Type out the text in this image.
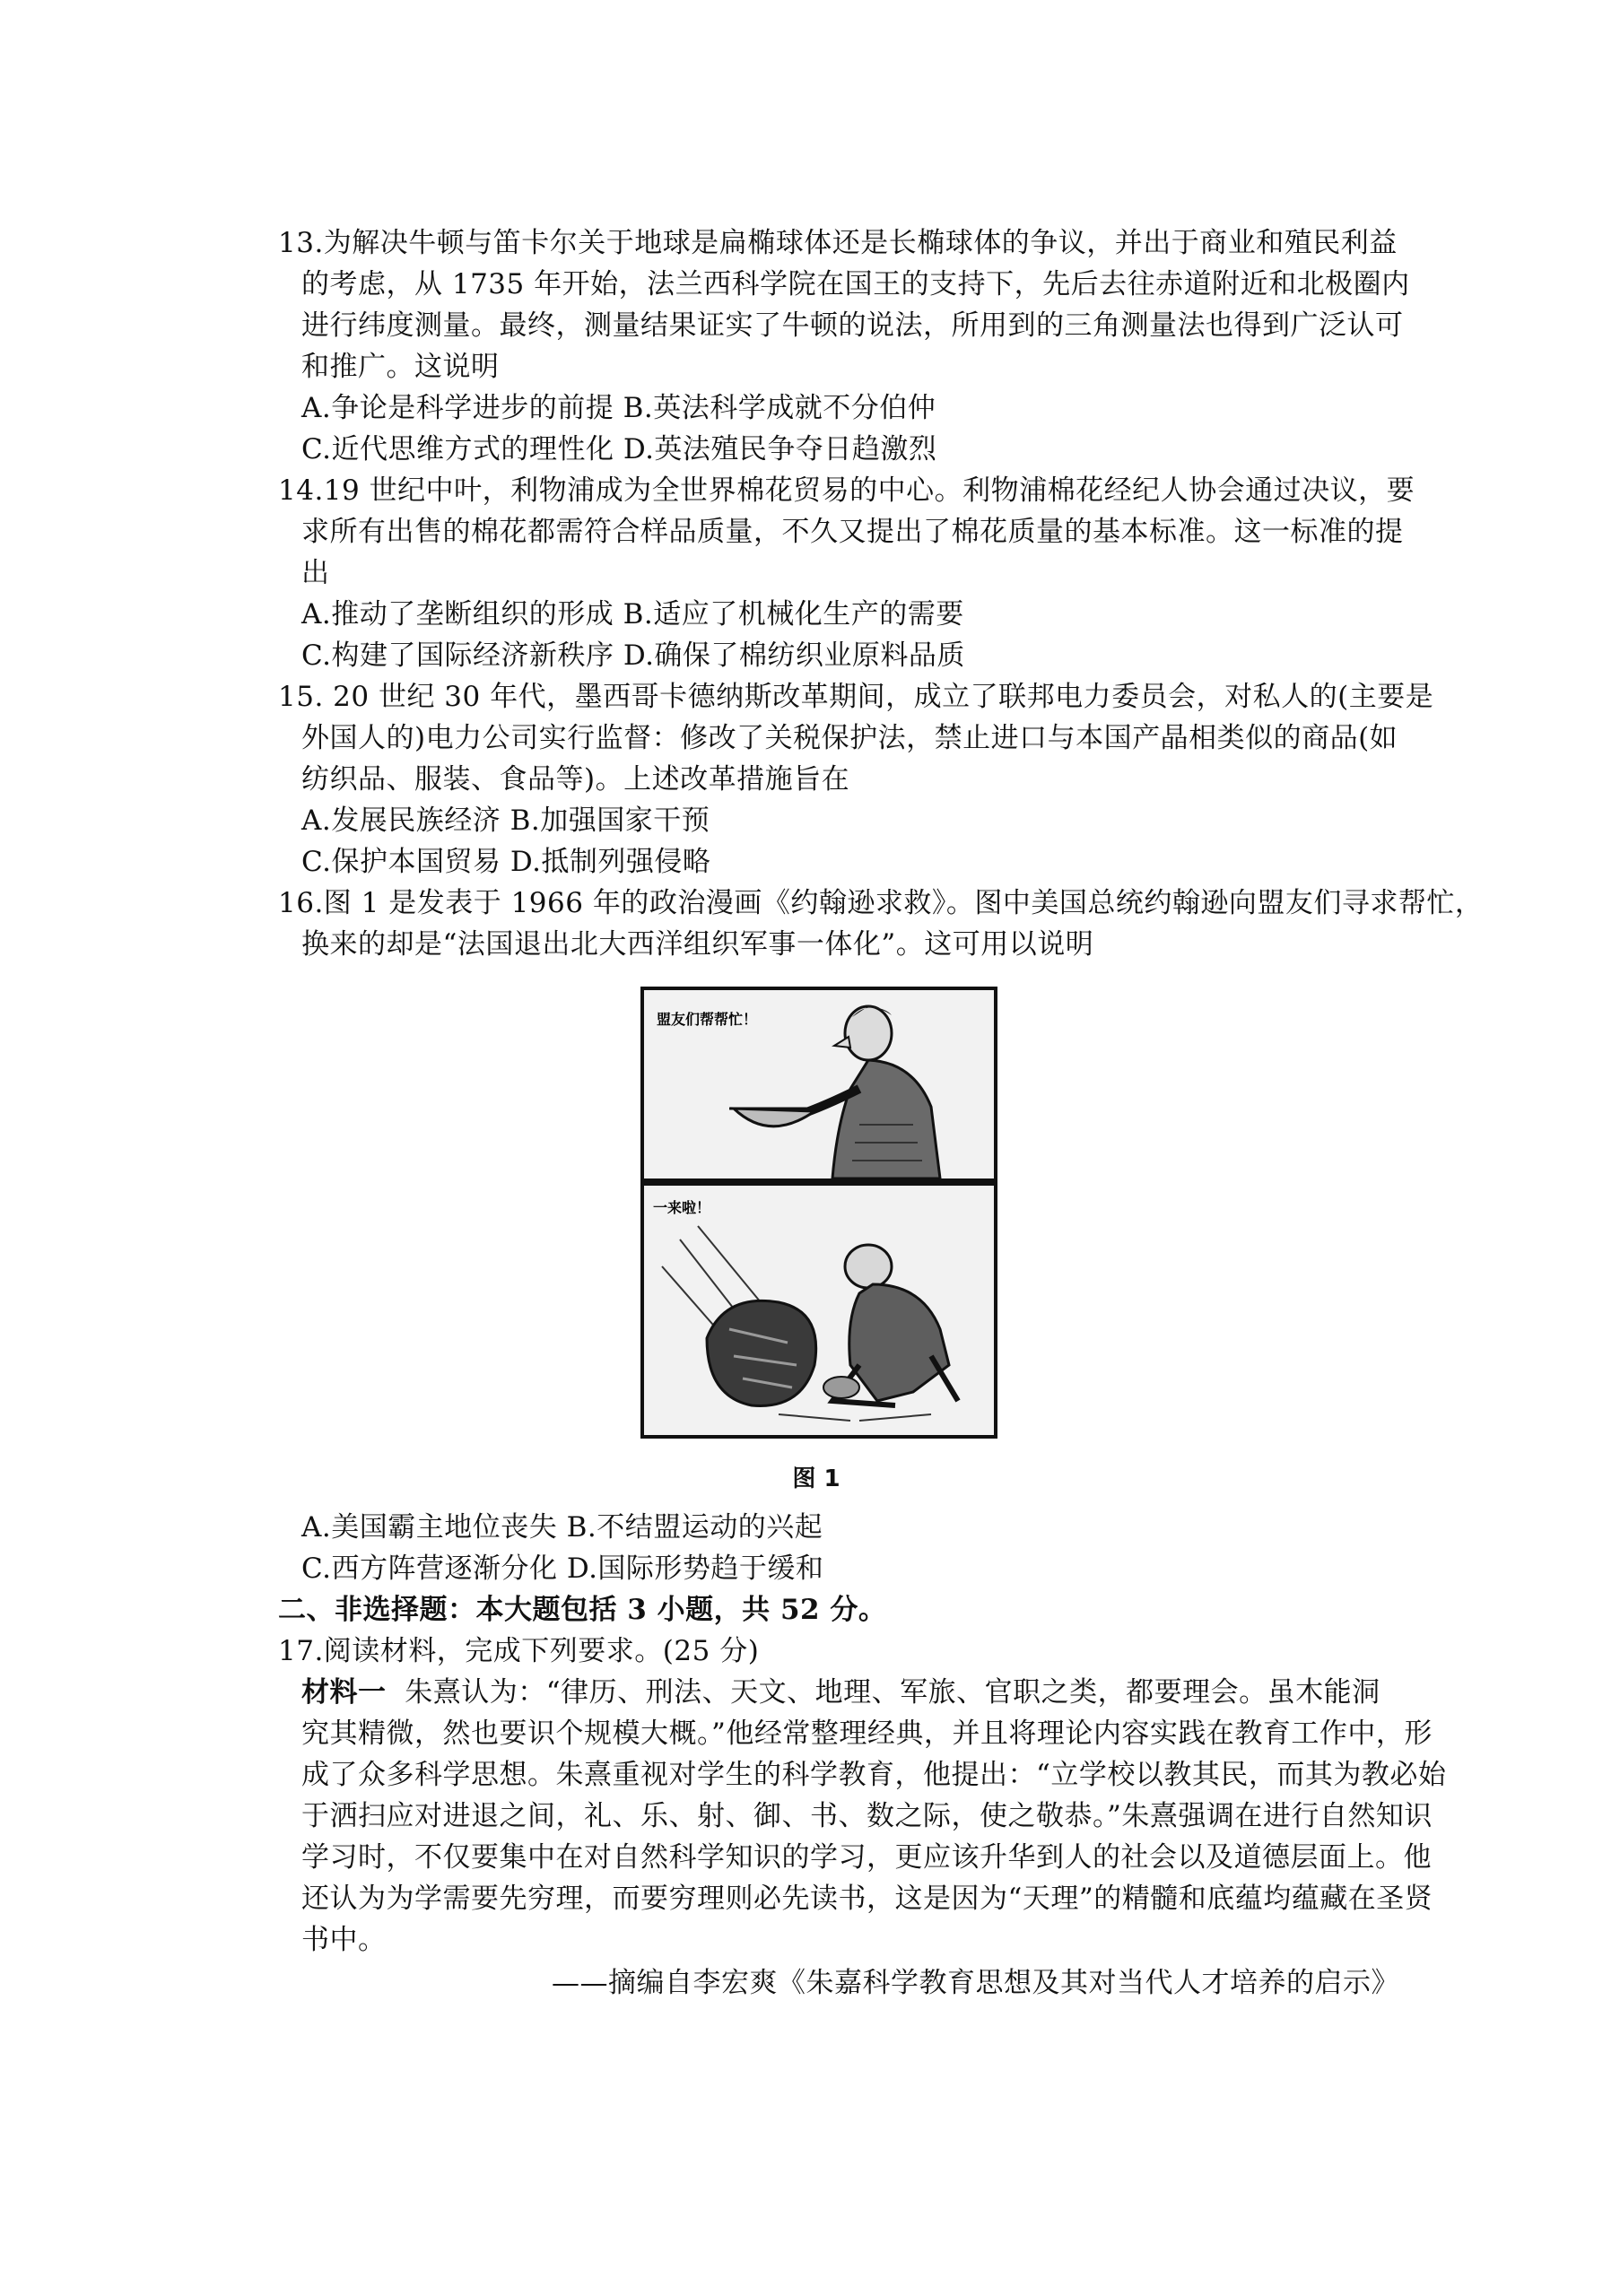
13.为解决牛顿与笛卡尔关于地球是扁椭球体还是长椭球体的争议，并出于商业和殖民利益
的考虑，从 1735 年开始，法兰西科学院在国王的支持下，先后去往赤道附近和北极圈内
进行纬度测量。最终，测量结果证实了牛顿的说法，所用到的三角测量法也得到广泛认可
和推广。这说明
A.争论是科学进步的前提 B.英法科学成就不分伯仲
C.近代思维方式的理性化 D.英法殖民争夺日趋激烈
14.19 世纪中叶，利物浦成为全世界棉花贸易的中心。利物浦棉花经纪人协会通过决议，要
求所有出售的棉花都需符合样品质量，不久又提出了棉花质量的基本标准。这一标准的提
出
A.推动了垄断组织的形成 B.适应了机械化生产的需要
C.构建了国际经济新秩序 D.确保了棉纺织业原料品质
15. 20 世纪 30 年代，墨西哥卡德纳斯改革期间，成立了联邦电力委员会，对私人的(主要是
外国人的)电力公司实行监督：修改了关税保护法，禁止进口与本国产晶相类似的商品(如
纺织品、服装、食品等)。上述改革措施旨在
A.发展民族经济 B.加强国家干预
C.保护本国贸易 D.抵制列强侵略
16.图 1 是发表于 1966 年的政治漫画《约翰逊求救》。图中美国总统约翰逊向盟友们寻求帮忙，
换来的却是“法国退出北大西洋组织军事一体化”。这可用以说明
盟友们帮帮忙！
一来啦！
图 1
A.美国霸主地位丧失 B.不结盟运动的兴起
C.西方阵营逐渐分化 D.国际形势趋于缓和
二、非选择题：本大题包括 3 小题，共 52 分。
17.阅读材料，完成下列要求。(25 分)
材料一 朱熹认为：“律历、刑法、天文、地理、军旅、官职之类，都要理会。虽木能洞
究其精微，然也要识个规模大概。”他经常整理经典，并且将理论内容实践在教育工作中，形
成了众多科学思想。朱熹重视对学生的科学教育，他提出：“立学校以教其民，而其为教必始
于洒扫应对进退之间，礼、乐、射、御、书、数之际，使之敬恭。”朱熹强调在进行自然知识
学习时，不仅要集中在对自然科学知识的学习，更应该升华到人的社会以及道德层面上。他
还认为为学需要先穷理，而要穷理则必先读书，这是因为“天理”的精髓和底蕴均蕴藏在圣贤
书中。
——摘编自李宏爽《朱嘉科学教育思想及其对当代人才培养的启示》
